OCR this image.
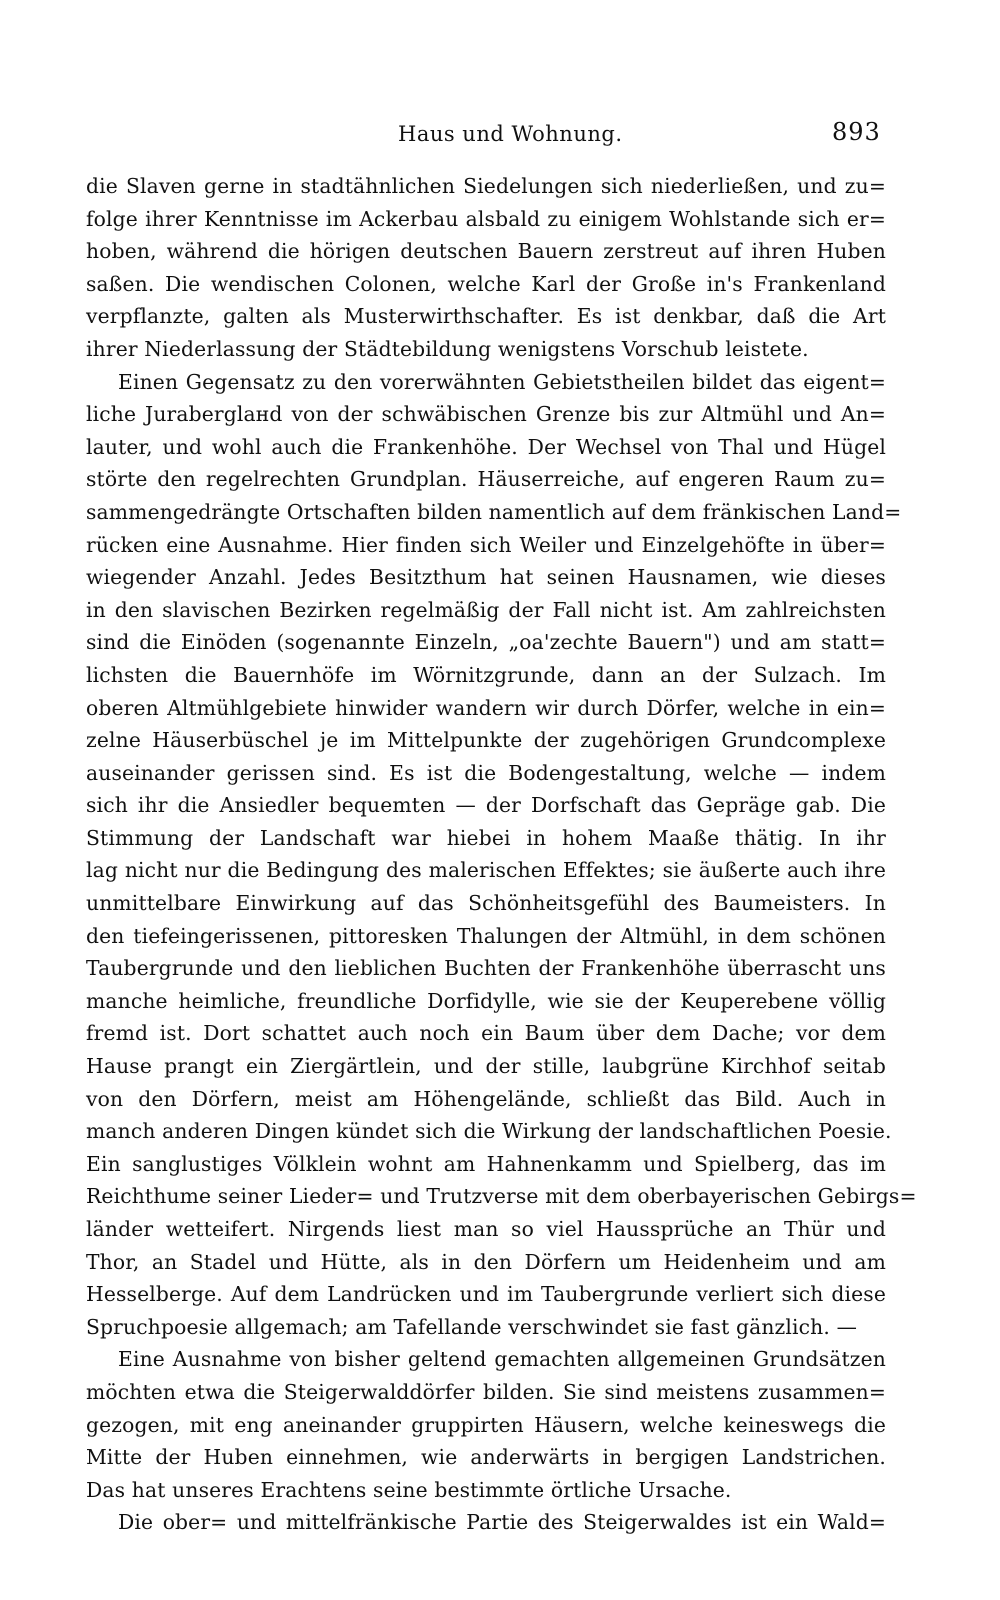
Haus und Wohnung.	893
die Slaven gerne in stadtähnlichen Siedelungen sich niederließen, und zu=
folge ihrer Kenntnisse im Ackerbau alsbald zu einigem Wohlstande sich er=
hoben, während die hörigen deutschen Bauern zerstreut auf ihren Huben
saßen. Die wendischen Colonen, welche Karl der Große in's Frankenland
verpflanzte, galten als Musterwirthschafter. Es ist denkbar, daß die Art
ihrer Niederlassung der Städtebildung wenigstens Vorschub leistete.
Einen Gegensatz zu den vorerwähnten Gebietstheilen bildet das eigent=
liche Juraberglaнd von der schwäbischen Grenze bis zur Altmühl und An=
lauter, und wohl auch die Frankenhöhe. Der Wechsel von Thal und Hügel
störte den regelrechten Grundplan. Häuserreiche, auf engeren Raum zu=
sammengedrängte Ortschaften bilden namentlich auf dem fränkischen Land=
rücken eine Ausnahme. Hier finden sich Weiler und Einzelgehöfte in über=
wiegender Anzahl. Jedes Besitzthum hat seinen Hausnamen, wie dieses
in den slavischen Bezirken regelmäßig der Fall nicht ist. Am zahlreichsten
sind die Einöden (sogenannte Einzeln, „oa'zechte Bauern") und am statt=
lichsten die Bauernhöfe im Wörnitzgrunde, dann an der Sulzach. Im
oberen Altmühlgebiete hinwider wandern wir durch Dörfer, welche in ein=
zelne Häuserbüschel je im Mittelpunkte der zugehörigen Grundcomplexe
auseinander gerissen sind. Es ist die Bodengestaltung, welche — indem
sich ihr die Ansiedler bequemten — der Dorfschaft das Gepräge gab. Die
Stimmung der Landschaft war hiebei in hohem Maaße thätig. In ihr
lag nicht nur die Bedingung des malerischen Effektes; sie äußerte auch ihre
unmittelbare Einwirkung auf das Schönheitsgefühl des Baumeisters. In
den tiefeingerissenen, pittoresken Thalungen der Altmühl, in dem schönen
Taubergrunde und den lieblichen Buchten der Frankenhöhe überrascht uns
manche heimliche, freundliche Dorfidylle, wie sie der Keuperebene völlig
fremd ist. Dort schattet auch noch ein Baum über dem Dache; vor dem
Hause prangt ein Ziergärtlein, und der stille, laubgrüne Kirchhof seitab
von den Dörfern, meist am Höhengelände, schließt das Bild. Auch in
manch anderen Dingen kündet sich die Wirkung der landschaftlichen Poesie.
Ein sanglustiges Völklein wohnt am Hahnenkamm und Spielberg, das im
Reichthume seiner Lieder= und Trutzverse mit dem oberbayerischen Gebirgs=
länder wetteifert. Nirgends liest man so viel Haussprüche an Thür und
Thor, an Stadel und Hütte, als in den Dörfern um Heidenheim und am
Hesselberge. Auf dem Landrücken und im Taubergrunde verliert sich diese
Spruchpoesie allgemach; am Tafellande verschwindet sie fast gänzlich. —
Eine Ausnahme von bisher geltend gemachten allgemeinen Grundsätzen
möchten etwa die Steigerwalddörfer bilden. Sie sind meistens zusammen=
gezogen, mit eng aneinander gruppirten Häusern, welche keineswegs die
Mitte der Huben einnehmen, wie anderwärts in bergigen Landstrichen.
Das hat unseres Erachtens seine bestimmte örtliche Ursache.
Die ober= und mittelfränkische Partie des Steigerwaldes ist ein Wald=
